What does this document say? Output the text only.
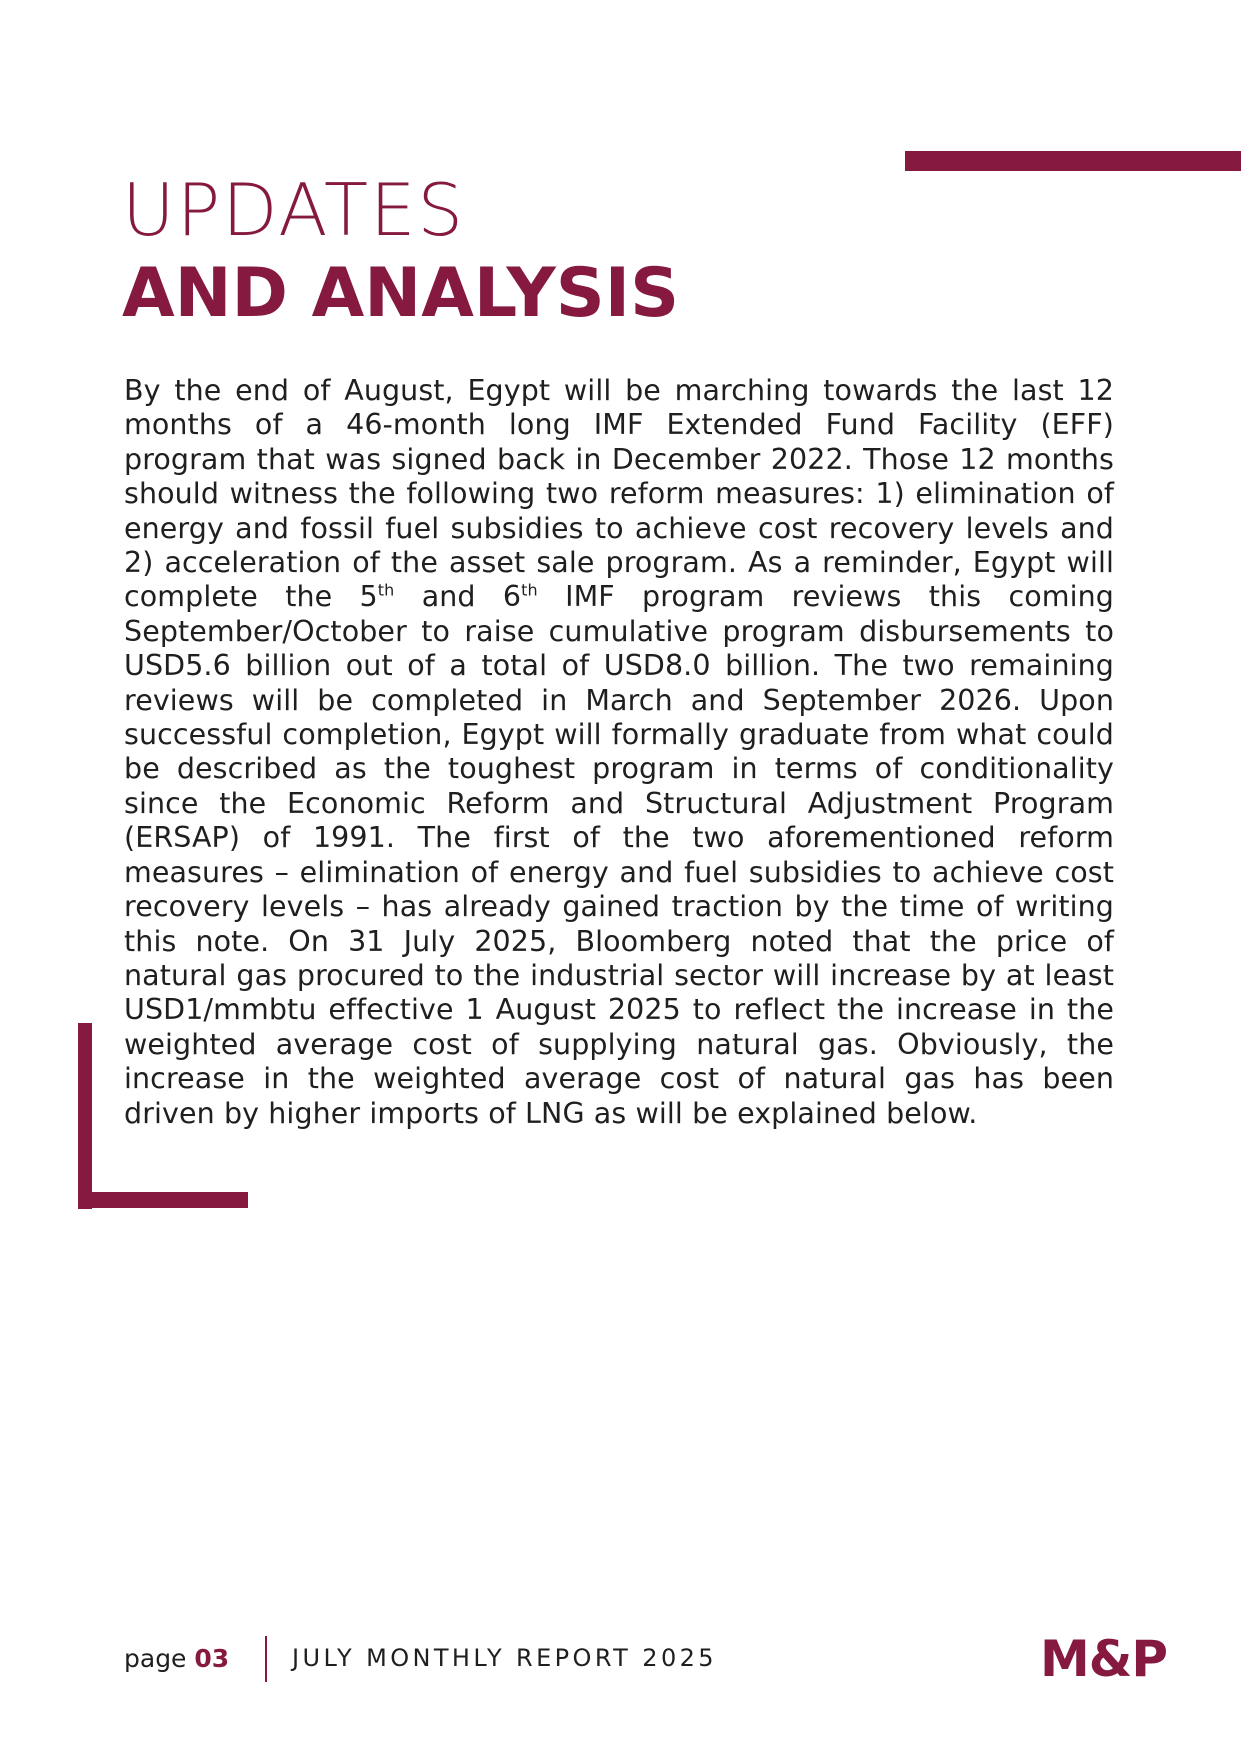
UPDATES
AND ANALYSIS

By the end of August, Egypt will be marching towards the last 12 months of a 46-month long IMF Extended Fund Facility (EFF) program that was signed back in December 2022. Those 12 months should witness the following two reform measures: 1) elimination of energy and fossil fuel subsidies to achieve cost recovery levels and 2) acceleration of the asset sale program. As a reminder, Egypt will complete the 5th and 6th IMF program reviews this coming September/October to raise cumulative program disbursements to USD5.6 billion out of a total of USD8.0 billion. The two remaining reviews will be completed in March and September 2026. Upon successful completion, Egypt will formally graduate from what could be described as the toughest program in terms of conditionality since the Economic Reform and Structural Adjustment Program (ERSAP) of 1991. The first of the two aforementioned reform measures – elimination of energy and fuel subsidies to achieve cost recovery levels – has already gained traction by the time of writing this note. On 31 July 2025, Bloomberg noted that the price of natural gas procured to the industrial sector will increase by at least USD1/mmbtu effective 1 August 2025 to reflect the increase in the weighted average cost of supplying natural gas. Obviously, the increase in the weighted average cost of natural gas has been driven by higher imports of LNG as will be explained below.

page 03	JULY MONTHLY REPORT 2025	M&P
